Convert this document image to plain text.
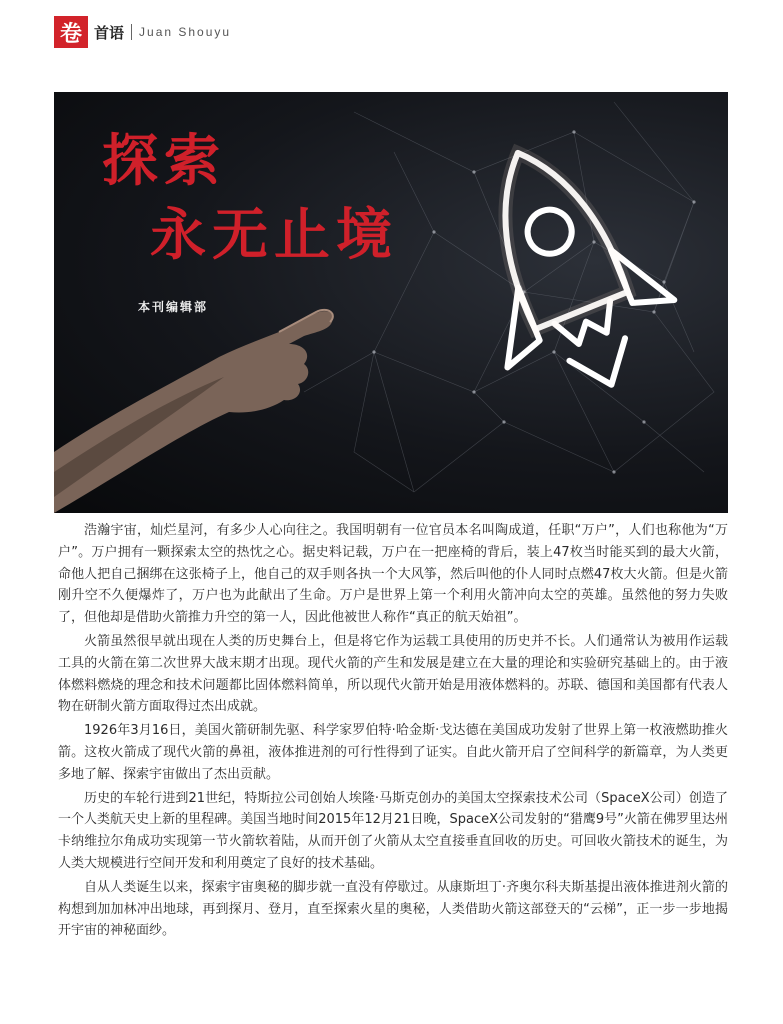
卷 首语 Juan Shouyu
探索
永无止境
本刊编辑部

浩瀚宇宙，灿烂星河，有多少人心向往之。我国明朝有一位官员本名叫陶成道，任职“万户”，人们也称他为“万户”。万户拥有一颗探索太空的热忱之心。据史料记载，万户在一把座椅的背后，装上47枚当时能买到的最大火箭，命他人把自己捆绑在这张椅子上，他自己的双手则各执一个大风筝，然后叫他的仆人同时点燃47枚大火箭。但是火箭刚升空不久便爆炸了，万户也为此献出了生命。万户是世界上第一个利用火箭冲向太空的英雄。虽然他的努力失败了，但他却是借助火箭推力升空的第一人，因此他被世人称作“真正的航天始祖”。

火箭虽然很早就出现在人类的历史舞台上，但是将它作为运载工具使用的历史并不长。人们通常认为被用作运载工具的火箭在第二次世界大战末期才出现。现代火箭的产生和发展是建立在大量的理论和实验研究基础上的。由于液体燃料燃烧的理念和技术问题都比固体燃料简单，所以现代火箭开始是用液体燃料的。苏联、德国和美国都有代表人物在研制火箭方面取得过杰出成就。

1926年3月16日，美国火箭研制先驱、科学家罗伯特·哈金斯·戈达德在美国成功发射了世界上第一枚液燃助推火箭。这枚火箭成了现代火箭的鼻祖，液体推进剂的可行性得到了证实。自此火箭开启了空间科学的新篇章，为人类更多地了解、探索宇宙做出了杰出贡献。

历史的车轮行进到21世纪，特斯拉公司创始人埃隆·马斯克创办的美国太空探索技术公司（SpaceX公司）创造了一个人类航天史上新的里程碑。美国当地时间2015年12月21日晚，SpaceX公司发射的“猎鹰9号”火箭在佛罗里达州卡纳维拉尔角成功实现第一节火箭软着陆，从而开创了火箭从太空直接垂直回收的历史。可回收火箭技术的诞生，为人类大规模进行空间开发和利用奠定了良好的技术基础。

自从人类诞生以来，探索宇宙奥秘的脚步就一直没有停歇过。从康斯坦丁·齐奥尔科夫斯基提出液体推进剂火箭的构想到加加林冲出地球，再到探月、登月，直至探索火星的奥秘，人类借助火箭这部登天的“云梯”，正一步一步地揭开宇宙的神秘面纱。
